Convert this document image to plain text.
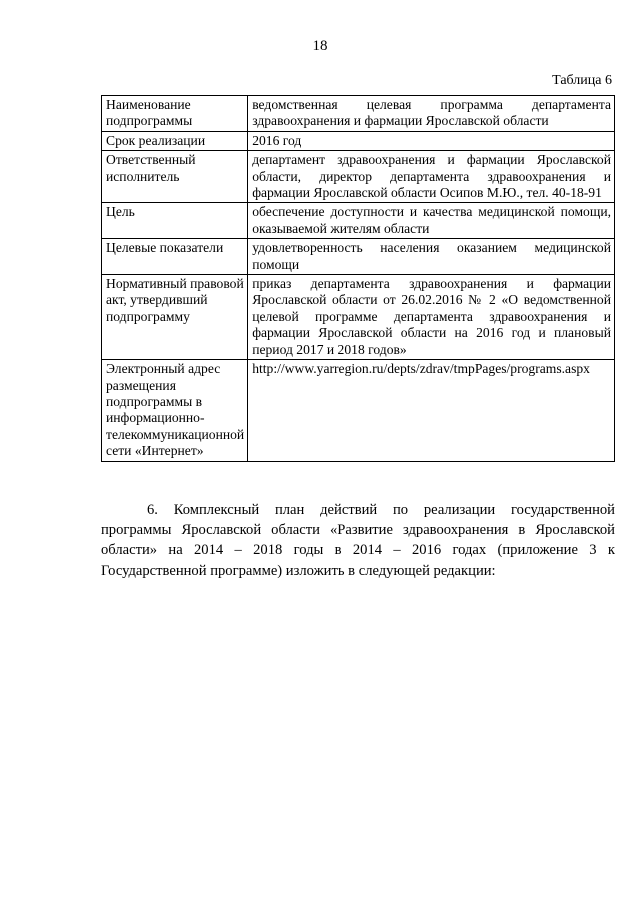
18
Таблица 6
Наименование подпрограммы	ведомственная целевая программа департамента здравоохранения и фармации Ярославской области
Срок реализации	2016 год
Ответственный исполнитель	департамент здравоохранения и фармации Ярославской области, директор департамента здравоохранения и фармации Ярославской области Осипов М.Ю., тел. 40-18-91
Цель	обеспечение доступности и качества медицинской помощи, оказываемой жителям области
Целевые показатели	удовлетворенность населения оказанием медицинской помощи
Нормативный правовой акт, утвердивший подпрограмму	приказ департамента здравоохранения и фармации Ярославской области от 26.02.2016 № 2 «О ведомственной целевой программе департамента здравоохранения и фармации Ярославской области на 2016 год и плановый период 2017 и 2018 годов»
Электронный адрес размещения подпрограммы в информационно-телекоммуникационной сети «Интернет»	http://www.yarregion.ru/depts/zdrav/tmpPages/programs.aspx
6. Комплексный план действий по реализации государственной программы Ярославской области «Развитие здравоохранения в Ярославской области» на 2014 – 2018 годы в 2014 – 2016 годах (приложение 3 к Государственной программе) изложить в следующей редакции:
